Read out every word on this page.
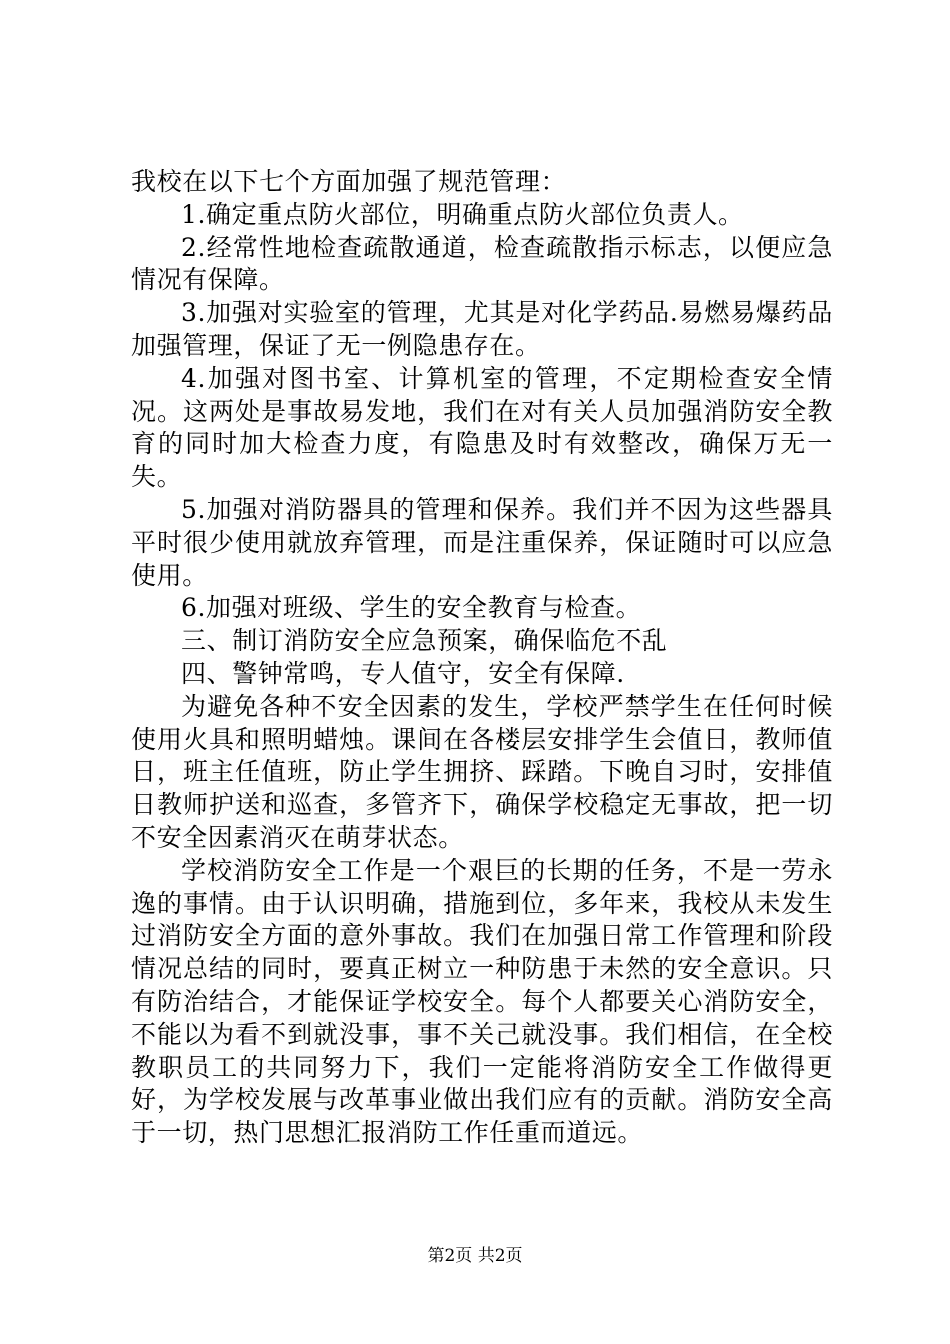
我校在以下七个方面加强了规范管理：

1.确定重点防火部位，明确重点防火部位负责人。

2.经常性地检查疏散通道，检查疏散指示标志，以便应急情况有保障。

3.加强对实验室的管理，尤其是对化学药品.易燃易爆药品加强管理，保证了无一例隐患存在。

4.加强对图书室、计算机室的管理，不定期检查安全情况。这两处是事故易发地，我们在对有关人员加强消防安全教育的同时加大检查力度，有隐患及时有效整改，确保万无一失。

5.加强对消防器具的管理和保养。我们并不因为这些器具平时很少使用就放弃管理，而是注重保养，保证随时可以应急使用。

6.加强对班级、学生的安全教育与检查。

三、制订消防安全应急预案，确保临危不乱

四、警钟常鸣，专人值守，安全有保障.

为避免各种不安全因素的发生，学校严禁学生在任何时候使用火具和照明蜡烛。课间在各楼层安排学生会值日，教师值日，班主任值班，防止学生拥挤、踩踏。下晚自习时，安排值日教师护送和巡查，多管齐下，确保学校稳定无事故，把一切不安全因素消灭在萌芽状态。

学校消防安全工作是一个艰巨的长期的任务，不是一劳永逸的事情。由于认识明确，措施到位，多年来，我校从未发生过消防安全方面的意外事故。我们在加强日常工作管理和阶段情况总结的同时，要真正树立一种防患于未然的安全意识。只有防治结合，才能保证学校安全。每个人都要关心消防安全，不能以为看不到就没事，事不关己就没事。我们相信，在全校教职员工的共同努力下，我们一定能将消防安全工作做得更好，为学校发展与改革事业做出我们应有的贡献。消防安全高于一切，热门思想汇报消防工作任重而道远。

第2页 共2页
